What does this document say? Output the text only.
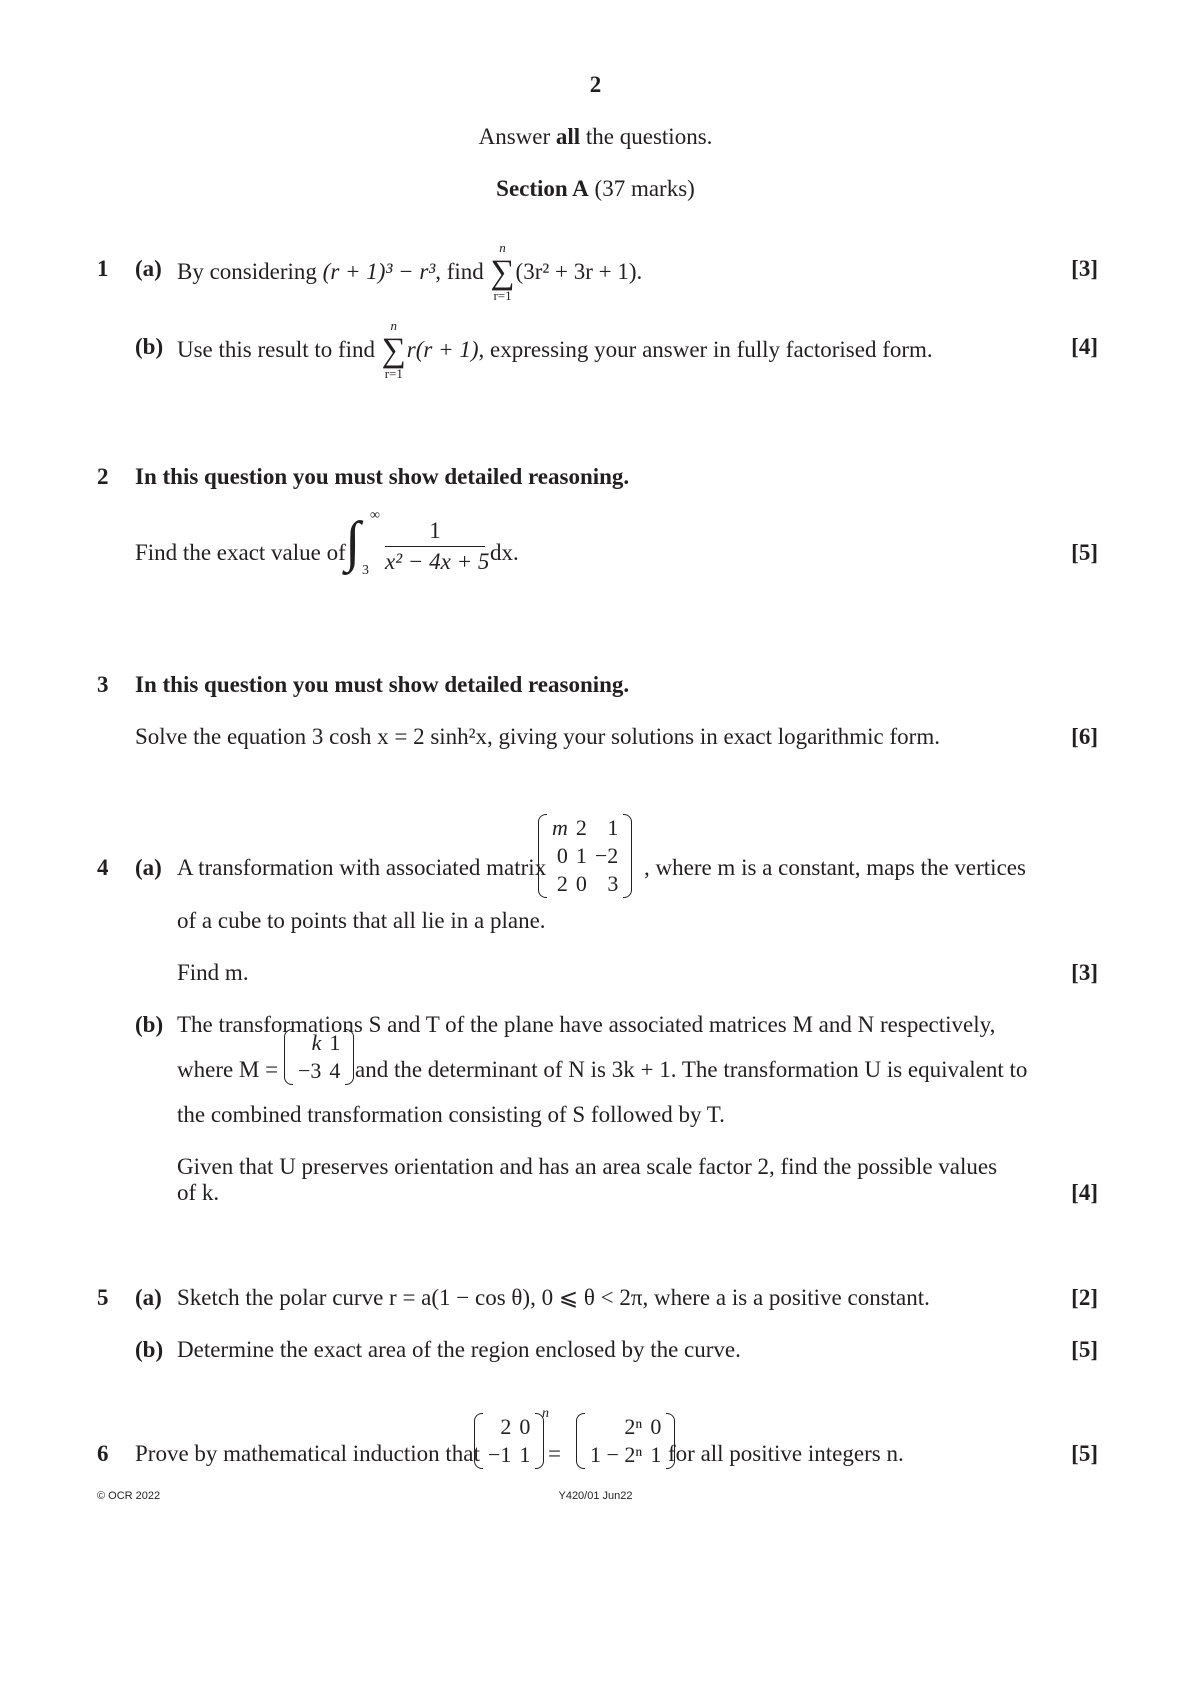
2
Answer all the questions.
Section A (37 marks)
1 (a) By considering (r + 1)³ − r³, find ∑
n
r=1
(3r² + 3r + 1).	[3]
(b) Use this result to find ∑
n
r=1
r(r + 1), expressing your answer in fully factorised form.	[4]
2 In this question you must show detailed reasoning.
Find the exact value of ∫ ∞
3
1
x² − 4x + 5 dx.	[5]
3 In this question you must show detailed reasoning.
Solve the equation 3 cosh x = 2 sinh²x, giving your solutions in exact logarithmic form.	[6]
4 (a) A transformation with associated matrix
m	2	1
0	1	−2
2	0	3
, where m is a constant, maps the vertices
of a cube to points that all lie in a plane.
Find m.	[3]
(b) The transformations S and T of the plane have associated matrices M and N respectively,
where M =
k	1
−3	4 and the determinant of N is 3k + 1. The transformation U is equivalent to
the combined transformation consisting of S followed by T.
Given that U preserves orientation and has an area scale factor 2, find the possible values
of k.	[4]
5 (a) Sketch the polar curve r = a(1 − cos θ), 0 ⩽ θ < 2π, where a is a positive constant.	[2]
(b) Determine the exact area of the region enclosed by the curve.	[5]
6 Prove by mathematical induction that
2	0
−1	1
n
=
2ⁿ	0
1 − 2ⁿ	1 for all positive integers n.	[5]
© OCR 2022	Y420/01 Jun22
